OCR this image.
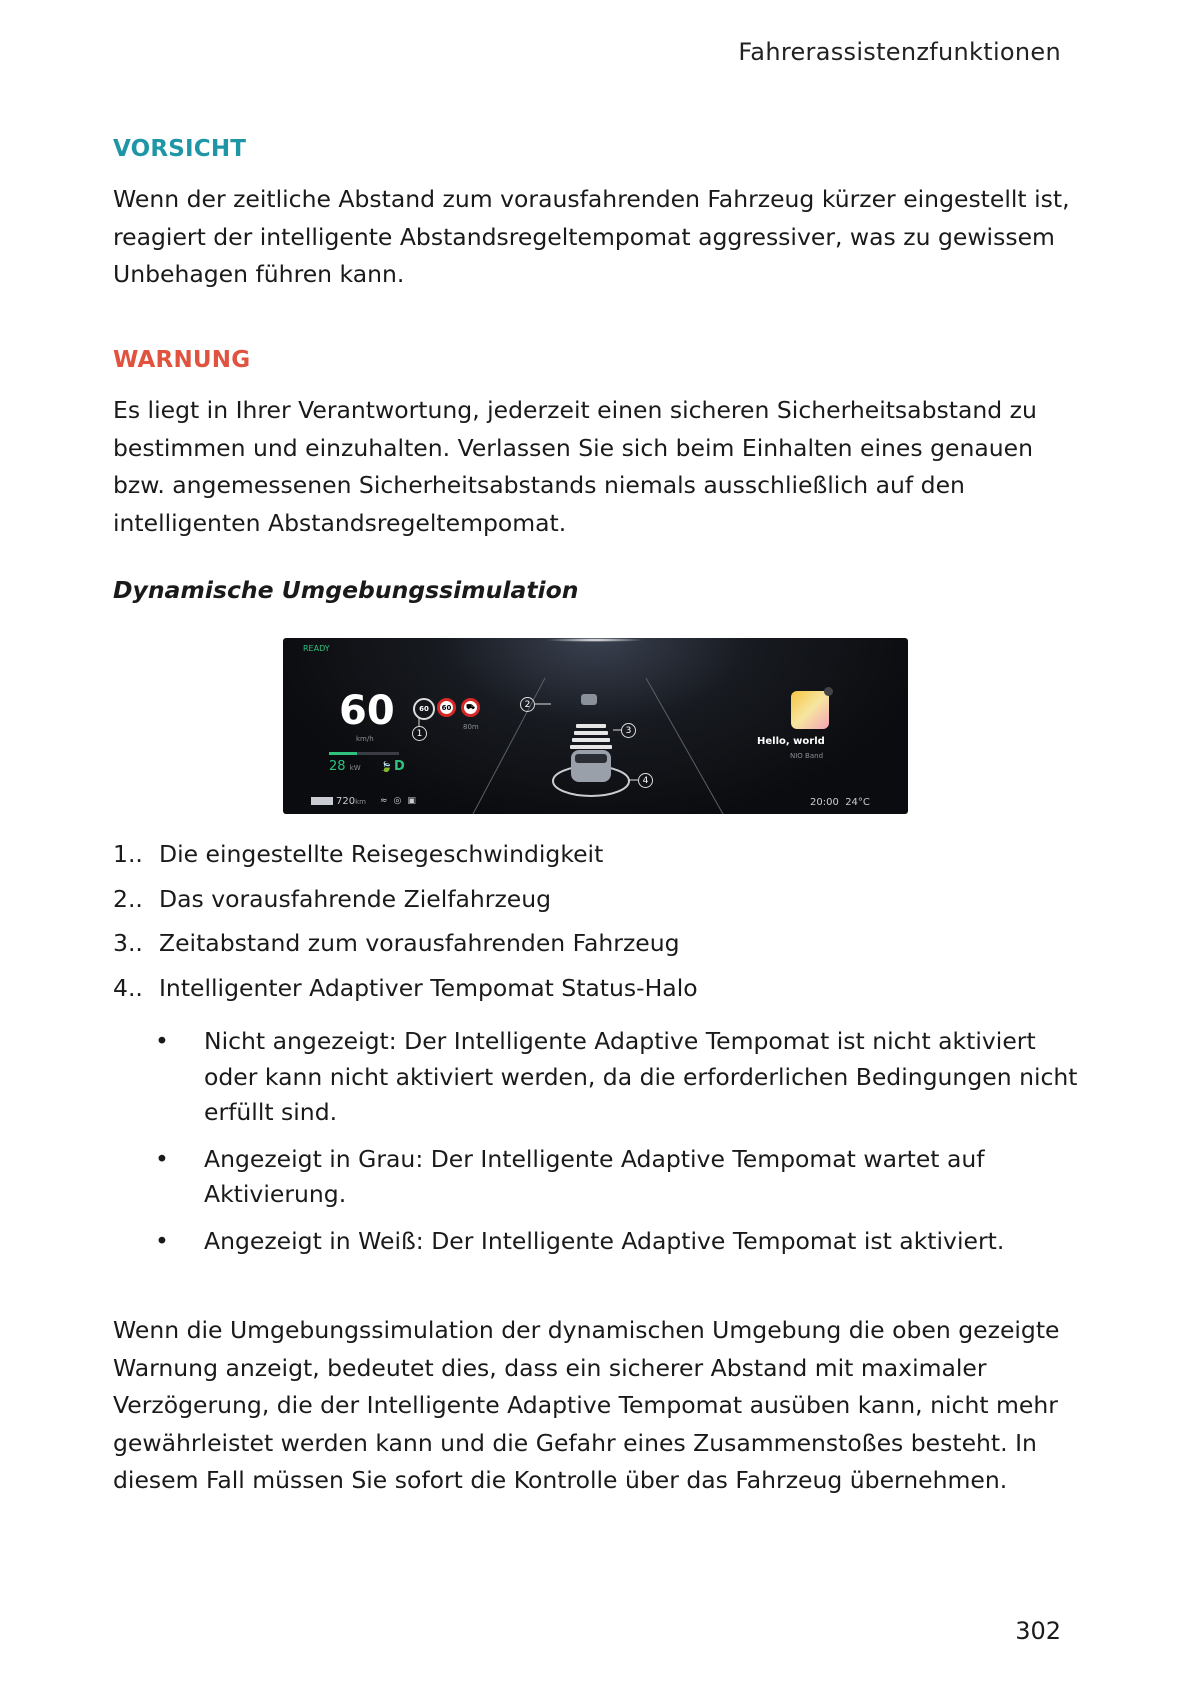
Fahrerassistenzfunktionen
VORSICHT
Wenn der zeitliche Abstand zum vorausfahrenden Fahrzeug kürzer eingestellt ist, reagiert der intelligente Abstandsregeltempomat aggressiver, was zu gewissem Unbehagen führen kann.
WARNUNG
Es liegt in Ihrer Verantwortung, jederzeit einen sicheren Sicherheitsabstand zu bestimmen und einzuhalten. Verlassen Sie sich beim Einhalten eines genauen bzw. angemessenen Sicherheitsabstands niemals ausschließlich auf den intelligenten Abstandsregeltempomat.
Dynamische Umgebungssimulation
READY
60
km/h
28 kW 🍃 D
720km ≈◎▣
60	60	⛟
80m
1
2
3
4
Hello, world
NIO Band
20:00 24°C
1.. Die eingestellte Reisegeschwindigkeit
2.. Das vorausfahrende Zielfahrzeug
3.. Zeitabstand zum vorausfahrenden Fahrzeug
4.. Intelligenter Adaptiver Tempomat Status-Halo
•	Nicht angezeigt: Der Intelligente Adaptive Tempomat ist nicht aktiviert oder kann nicht aktiviert werden, da die erforderlichen Bedingungen nicht erfüllt sind.
•	Angezeigt in Grau: Der Intelligente Adaptive Tempomat wartet auf Aktivierung.
•	Angezeigt in Weiß: Der Intelligente Adaptive Tempomat ist aktiviert.
Wenn die Umgebungssimulation der dynamischen Umgebung die oben gezeigte Warnung anzeigt, bedeutet dies, dass ein sicherer Abstand mit maximaler Verzögerung, die der Intelligente Adaptive Tempomat ausüben kann, nicht mehr gewährleistet werden kann und die Gefahr eines Zusammenstoßes besteht. In diesem Fall müssen Sie sofort die Kontrolle über das Fahrzeug übernehmen.
302
